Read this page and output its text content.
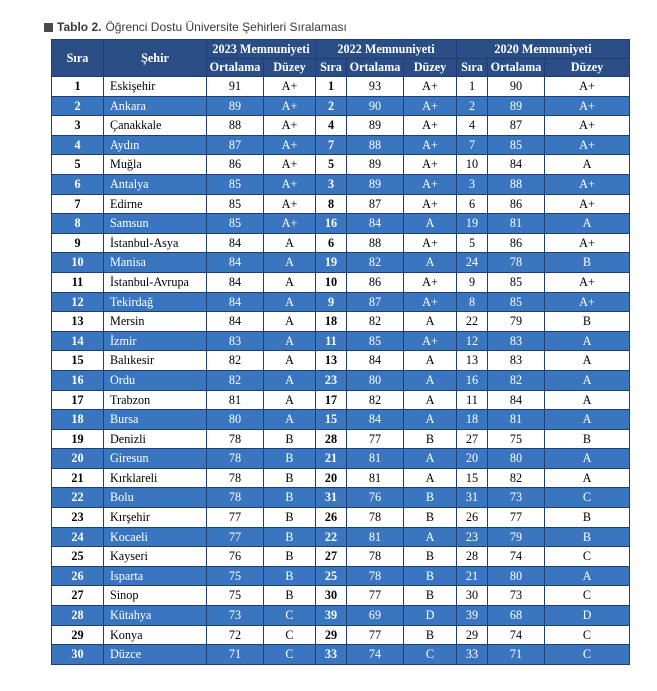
Tablo 2. Öğrenci Dostu Üniversite Şehirleri Sıralaması
Sıra	Şehir	2023 Memnuniyeti		2022 Memnuniyeti			2020 Memnuniyeti		
		Ortalama	Düzey	Sıra	Ortalama	Düzey	Sıra	Ortalama	Düzey
1	Eskişehir	91	A+	1	93	A+	1	90	A+
2	Ankara	89	A+	2	90	A+	2	89	A+
3	Çanakkale	88	A+	4	89	A+	4	87	A+
4	Aydın	87	A+	7	88	A+	7	85	A+
5	Muğla	86	A+	5	89	A+	10	84	A
6	Antalya	85	A+	3	89	A+	3	88	A+
7	Edirne	85	A+	8	87	A+	6	86	A+
8	Samsun	85	A+	16	84	A	19	81	A
9	İstanbul-Asya	84	A	6	88	A+	5	86	A+
10	Manisa	84	A	19	82	A	24	78	B
11	İstanbul-Avrupa	84	A	10	86	A+	9	85	A+
12	Tekirdağ	84	A	9	87	A+	8	85	A+
13	Mersin	84	A	18	82	A	22	79	B
14	İzmir	83	A	11	85	A+	12	83	A
15	Balıkesir	82	A	13	84	A	13	83	A
16	Ordu	82	A	23	80	A	16	82	A
17	Trabzon	81	A	17	82	A	11	84	A
18	Bursa	80	A	15	84	A	18	81	A
19	Denizli	78	B	28	77	B	27	75	B
20	Giresun	78	B	21	81	A	20	80	A
21	Kırklareli	78	B	20	81	A	15	82	A
22	Bolu	78	B	31	76	B	31	73	C
23	Kırşehir	77	B	26	78	B	26	77	B
24	Kocaeli	77	B	22	81	A	23	79	B
25	Kayseri	76	B	27	78	B	28	74	C
26	Isparta	75	B	25	78	B	21	80	A
27	Sinop	75	B	30	77	B	30	73	C
28	Kütahya	73	C	39	69	D	39	68	D
29	Konya	72	C	29	77	B	29	74	C
30	Düzce	71	C	33	74	C	33	71	C
